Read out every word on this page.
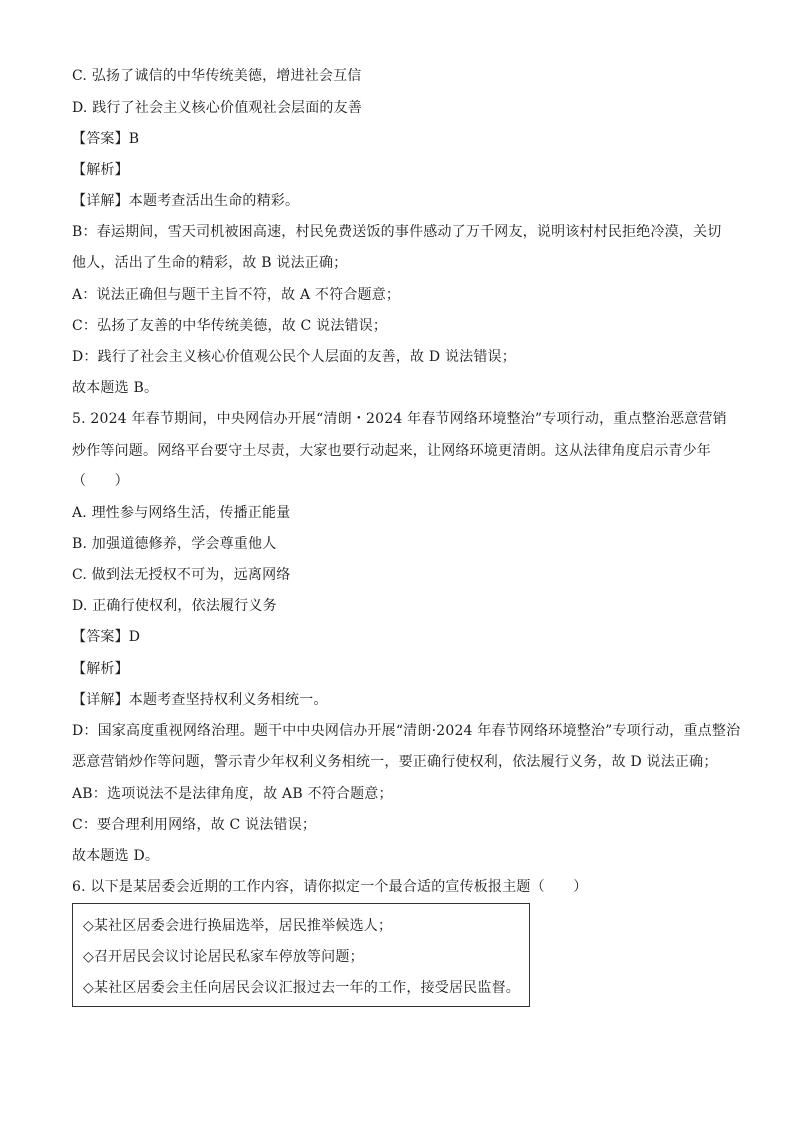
C. 弘扬了诚信的中华传统美德，增进社会互信
D. 践行了社会主义核心价值观社会层面的友善
【答案】B
【解析】
【详解】本题考查活出生命的精彩。
B：春运期间，雪天司机被困高速，村民免费送饭的事件感动了万千网友，说明该村村民拒绝冷漠，关切
他人，活出了生命的精彩，故 B 说法正确；
A：说法正确但与题干主旨不符，故 A 不符合题意；
C：弘扬了友善的中华传统美德，故 C 说法错误；
D：践行了社会主义核心价值观公民个人层面的友善，故 D 说法错误；
故本题选 B。
5. 2024 年春节期间，中央网信办开展“清朗・2024 年春节网络环境整治”专项行动，重点整治恶意营销
炒作等问题。网络平台要守土尽责，大家也要行动起来，让网络环境更清朗。这从法律角度启示青少年
（　　）
A. 理性参与网络生活，传播正能量
B. 加强道德修养，学会尊重他人
C. 做到法无授权不可为，远离网络
D. 正确行使权利，依法履行义务
【答案】D
【解析】
【详解】本题考查坚持权利义务相统一。
D：国家高度重视网络治理。题干中中央网信办开展“清朗·2024 年春节网络环境整治”专项行动，重点整治
恶意营销炒作等问题，警示青少年权利义务相统一，要正确行使权利，依法履行义务，故 D 说法正确；
AB：选项说法不是法律角度，故 AB 不符合题意；
C：要合理利用网络，故 C 说法错误；
故本题选 D。
6. 以下是某居委会近期的工作内容，请你拟定一个最合适的宣传板报主题（　　）
◇某社区居委会进行换届选举，居民推举候选人；
◇召开居民会议讨论居民私家车停放等问题；
◇某社区居委会主任向居民会议汇报过去一年的工作，接受居民监督。
